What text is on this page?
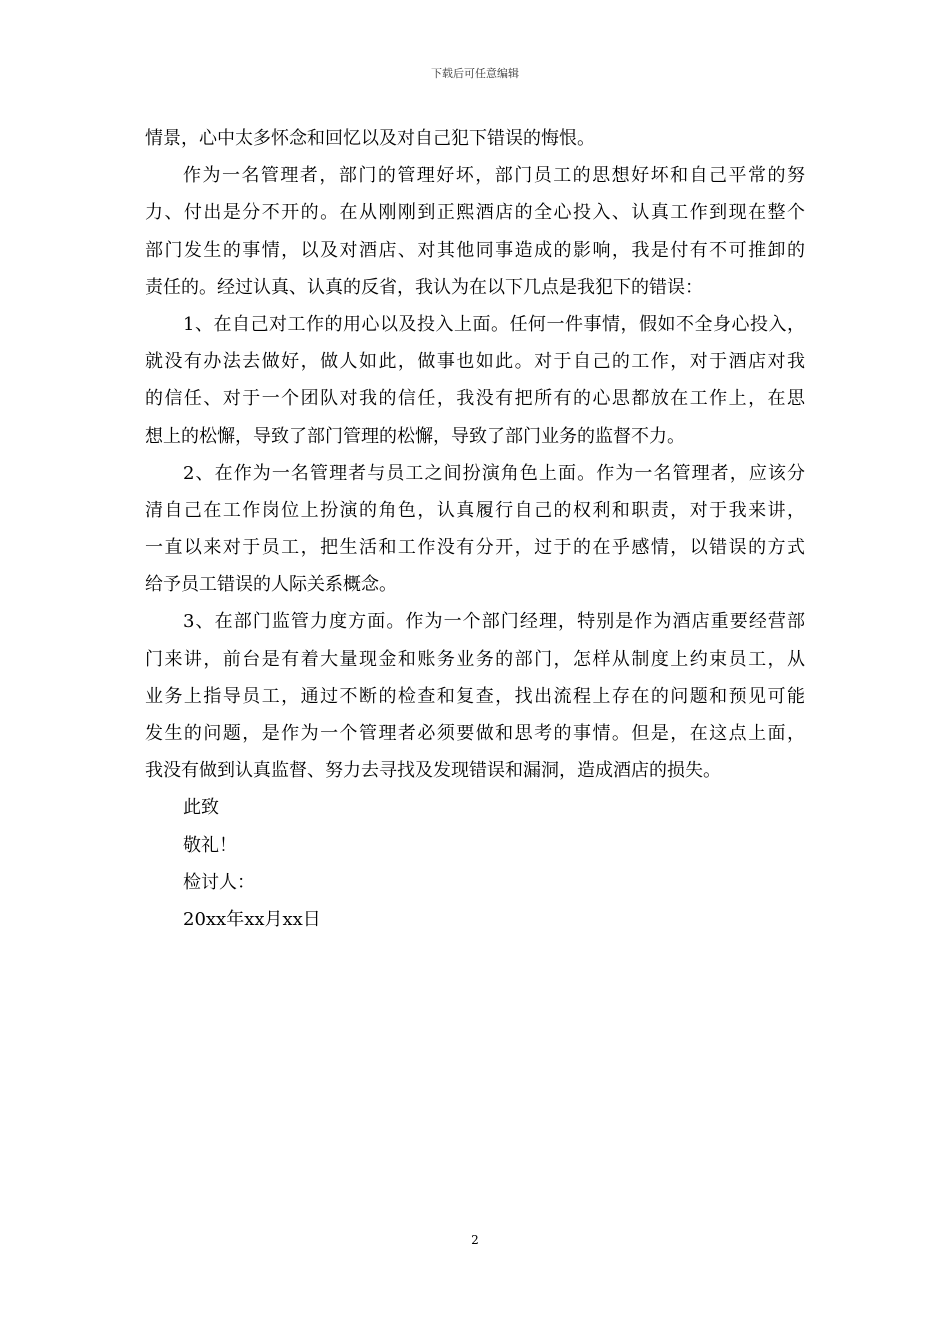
下载后可任意编辑
情景，心中太多怀念和回忆以及对自己犯下错误的悔恨。
作为一名管理者，部门的管理好坏，部门员工的思想好坏和自己平常的努
力、付出是分不开的。在从刚刚到正熙酒店的全心投入、认真工作到现在整个
部门发生的事情，以及对酒店、对其他同事造成的影响，我是付有不可推卸的
责任的。经过认真、认真的反省，我认为在以下几点是我犯下的错误：
1、在自己对工作的用心以及投入上面。任何一件事情，假如不全身心投入，
就没有办法去做好，做人如此，做事也如此。对于自己的工作，对于酒店对我
的信任、对于一个团队对我的信任，我没有把所有的心思都放在工作上，在思
想上的松懈，导致了部门管理的松懈，导致了部门业务的监督不力。
2、在作为一名管理者与员工之间扮演角色上面。作为一名管理者，应该分
清自己在工作岗位上扮演的角色，认真履行自己的权利和职责，对于我来讲，
一直以来对于员工，把生活和工作没有分开，过于的在乎感情，以错误的方式
给予员工错误的人际关系概念。
3、在部门监管力度方面。作为一个部门经理，特别是作为酒店重要经营部
门来讲，前台是有着大量现金和账务业务的部门，怎样从制度上约束员工，从
业务上指导员工，通过不断的检查和复查，找出流程上存在的问题和预见可能
发生的问题，是作为一个管理者必须要做和思考的事情。但是，在这点上面，
我没有做到认真监督、努力去寻找及发现错误和漏洞，造成酒店的损失。
此致
敬礼！
检讨人：
20xx年xx月xx日
2
